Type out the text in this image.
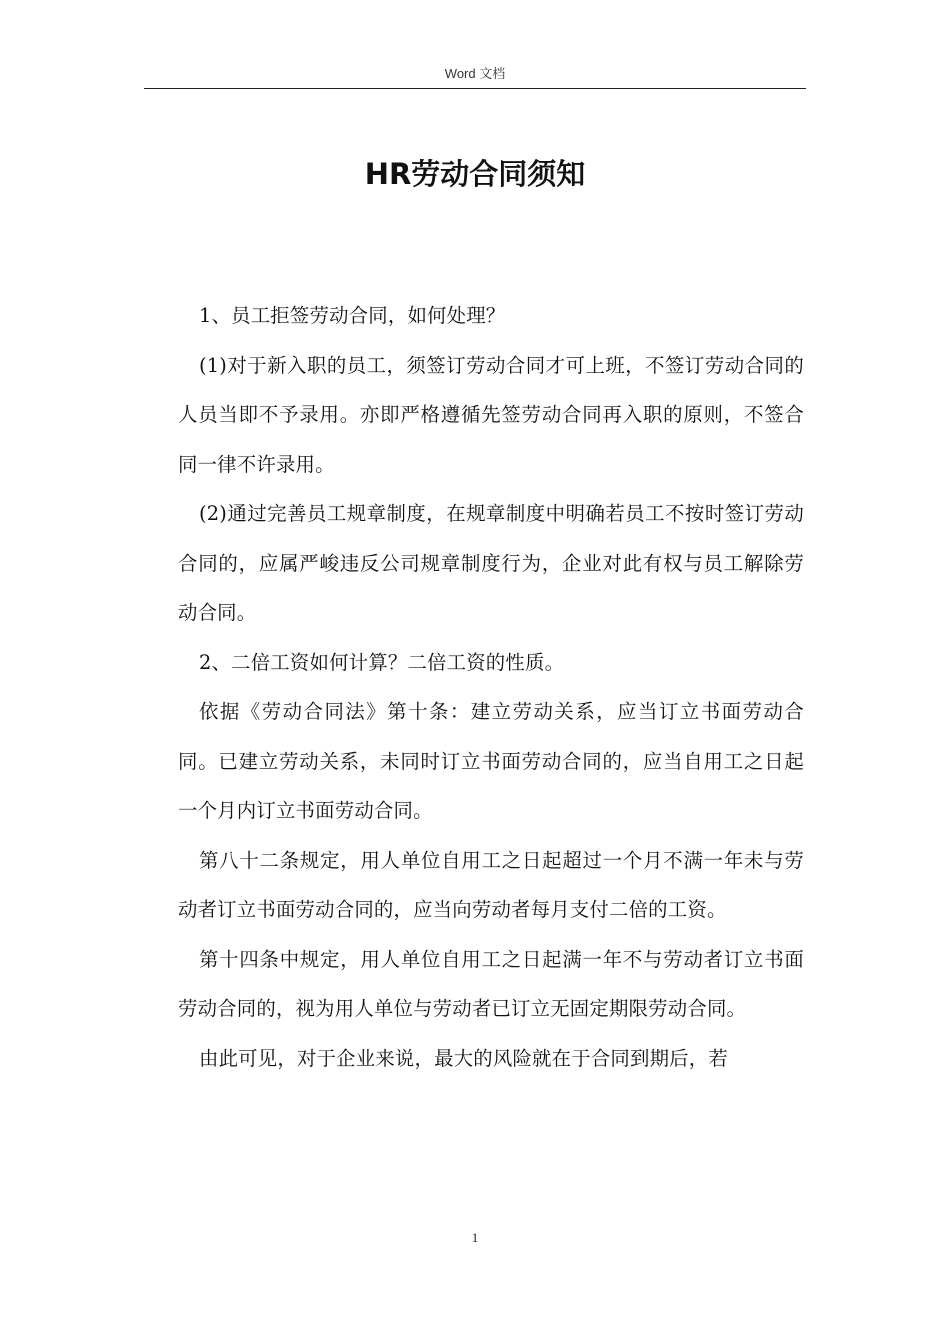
Word 文档
HR劳动合同须知

1、员工拒签劳动合同，如何处理？

(1)对于新入职的员工，须签订劳动合同才可上班，不签订劳动合同的人员当即不予录用。亦即严格遵循先签劳动合同再入职的原则，不签合同一律不许录用。

(2)通过完善员工规章制度，在规章制度中明确若员工不按时签订劳动合同的，应属严峻违反公司规章制度行为，企业对此有权与员工解除劳动合同。

2、二倍工资如何计算？二倍工资的性质。

依据《劳动合同法》第十条：建立劳动关系，应当订立书面劳动合同。已建立劳动关系，未同时订立书面劳动合同的，应当自用工之日起一个月内订立书面劳动合同。

第八十二条规定，用人单位自用工之日起超过一个月不满一年未与劳动者订立书面劳动合同的，应当向劳动者每月支付二倍的工资。

第十四条中规定，用人单位自用工之日起满一年不与劳动者订立书面劳动合同的，视为用人单位与劳动者已订立无固定期限劳动合同。

由此可见，对于企业来说，最大的风险就在于合同到期后，若

1
